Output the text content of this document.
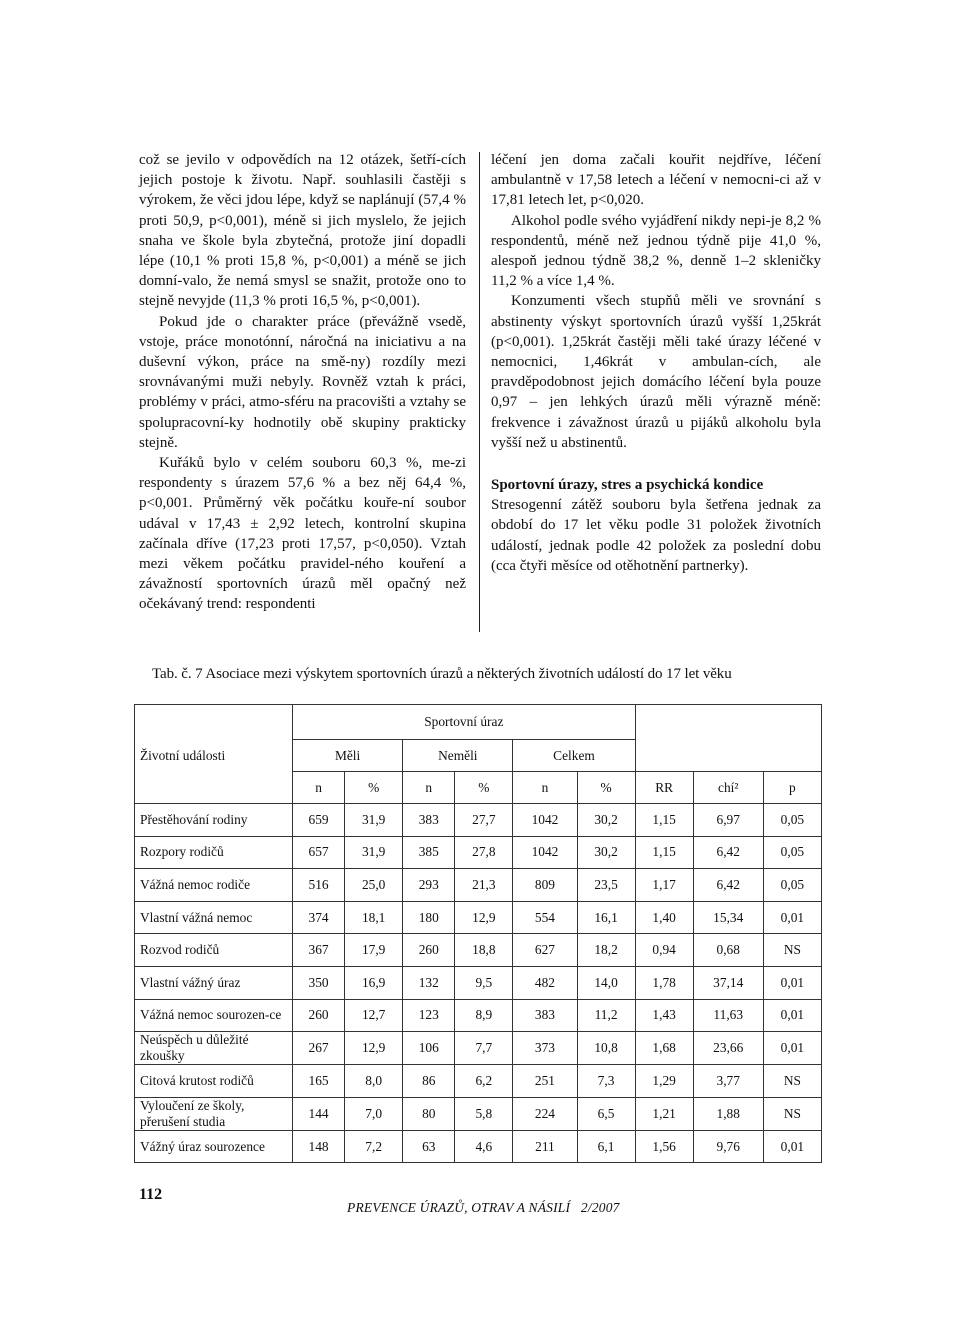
což se jevilo v odpovědích na 12 otázek, šetří-cích jejich postoje k životu. Např. souhlasili častěji s výrokem, že věci jdou lépe, když se naplánují (57,4 % proti 50,9, p<0,001), méně si jich myslelo, že jejich snaha ve škole byla zbytečná, protože jiní dopadli lépe (10,1 % proti 15,8 %, p<0,001) a méně se jich domní-valo, že nemá smysl se snažit, protože ono to stejně nevyjde (11,3 % proti 16,5 %, p<0,001).

Pokud jde o charakter práce (převážně vsedě, vstoje, práce monotónní, náročná na iniciativu a na duševní výkon, práce na smě-ny) rozdíly mezi srovnávanými muži nebyly. Rovněž vztah k práci, problémy v práci, atmo-sféru na pracovišti a vztahy se spolupracovní-ky hodnotily obě skupiny prakticky stejně.

Kuřáků bylo v celém souboru 60,3 %, me-zi respondenty s úrazem 57,6 % a bez něj 64,4 %, p<0,001. Průměrný věk počátku kouře-ní soubor udával v 17,43 ± 2,92 letech, kontrolní skupina začínala dříve (17,23 proti 17,57, p<0,050). Vztah mezi věkem počátku pravidel-ného kouření a závažností sportovních úrazů měl opačný než očekávaný trend: respondenti

léčení jen doma začali kouřit nejdříve, léčení ambulantně v 17,58 letech a léčení v nemocni-ci až v 17,81 letech let, p<0,020.

Alkohol podle svého vyjádření nikdy nepi-je 8,2 % respondentů, méně než jednou týdně pije 41,0 %, alespoň jednou týdně 38,2 %, denně 1–2 skleničky 11,2 % a více 1,4 %.

Konzumenti všech stupňů měli ve srovnání s abstinenty výskyt sportovních úrazů vyšší 1,25krát (p<0,001). 1,25krát častěji měli také úrazy léčené v nemocnici, 1,46krát v ambulan-cích, ale pravděpodobnost jejich domácího léčení byla pouze 0,97 – jen lehkých úrazů měli výrazně méně: frekvence i závažnost úrazů u pijáků alkoholu byla vyšší než u abstinentů.

Sportovní úrazy, stres a psychická kondice

Stresogenní zátěž souboru byla šetřena jednak za období do 17 let věku podle 31 položek životních událostí, jednak podle 42 položek za poslední dobu (cca čtyři měsíce od otěhotnění partnerky).

Tab. č. 7 Asociace mezi výskytem sportovních úrazů a některých životních událostí do 17 let věku
	Sportovní úraz								
Životní události	Měli		Neměli		Celkem				
	n	%	n	%	n	%	RR	chí²	p
Přestěhování rodiny	659	31,9	383	27,7	1042	30,2	1,15	6,97	0,05
Rozpory rodičů	657	31,9	385	27,8	1042	30,2	1,15	6,42	0,05
Vážná nemoc rodiče	516	25,0	293	21,3	809	23,5	1,17	6,42	0,05
Vlastní vážná nemoc	374	18,1	180	12,9	554	16,1	1,40	15,34	0,01
Rozvod rodičů	367	17,9	260	18,8	627	18,2	0,94	0,68	NS
Vlastní vážný úraz	350	16,9	132	9,5	482	14,0	1,78	37,14	0,01
Vážná nemoc sourozen-ce	260	12,7	123	8,9	383	11,2	1,43	11,63	0,01
Neúspěch u důležité zkoušky	267	12,9	106	7,7	373	10,8	1,68	23,66	0,01
Citová krutost rodičů	165	8,0	86	6,2	251	7,3	1,29	3,77	NS
Vyloučení ze školy, přerušení studia	144	7,0	80	5,8	224	6,5	1,21	1,88	NS
Vážný úraz sourozence	148	7,2	63	4,6	211	6,1	1,56	9,76	0,01
112
PREVENCE ÚRAZŮ, OTRAV A NÁSILÍ   2/2007
